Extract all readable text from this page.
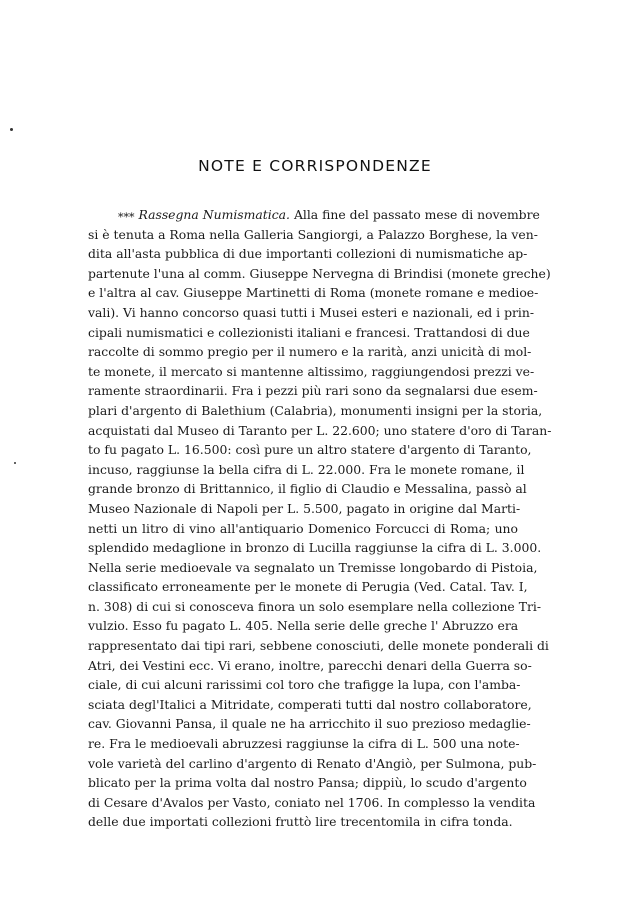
NOTE E CORRISPONDENZE
⁎⁎⁎ Rassegna Numismatica. Alla fine del passato mese di novembre
si è tenuta a Roma nella Galleria Sangiorgi, a Palazzo Borghese, la ven-
dita all'asta pubblica di due importanti collezioni di numismatiche ap-
partenute l'una al comm. Giuseppe Nervegna di Brindisi (monete greche)
e l'altra al cav. Giuseppe Martinetti di Roma (monete romane e medioe-
vali). Vi hanno concorso quasi tutti i Musei esteri e nazionali, ed i prin-
cipali numismatici e collezionisti italiani e francesi. Trattandosi di due
raccolte di sommo pregio per il numero e la rarità, anzi unicità di mol-
te monete, il mercato si mantenne altissimo, raggiungendosi prezzi ve-
ramente straordinarii. Fra i pezzi più rari sono da segnalarsi due esem-
plari d'argento di Balethium (Calabria), monumenti insigni per la storia,
acquistati dal Museo di Taranto per L. 22.600; uno statere d'oro di Taran-
to fu pagato L. 16.500: così pure un altro statere d'argento di Taranto,
incuso, raggiunse la bella cifra di L. 22.000. Fra le monete romane, il
grande bronzo di Brittannico, il figlio di Claudio e Messalina, passò al
Museo Nazionale di Napoli per L. 5.500, pagato in origine dal Marti-
netti un litro di vino all'antiquario Domenico Forcucci di Roma; uno
splendido medaglione in bronzo di Lucilla raggiunse la cifra di L. 3.000.
Nella serie medioevale va segnalato un Tremisse longobardo di Pistoia,
classificato erroneamente per le monete di Perugia (Ved. Catal. Tav. I,
n. 308) di cui si conosceva finora un solo esemplare nella collezione Tri-
vulzio. Esso fu pagato L. 405. Nella serie delle greche l' Abruzzo era
rappresentato dai tipi rari, sebbene conosciuti, delle monete ponderali di
Atri, dei Vestini ecc. Vi erano, inoltre, parecchi denari della Guerra so-
ciale, di cui alcuni rarissimi col toro che trafigge la lupa, con l'amba-
sciata degl'Italici a Mitridate, comperati tutti dal nostro collaboratore,
cav. Giovanni Pansa, il quale ne ha arricchito il suo prezioso medaglie-
re. Fra le medioevali abruzzesi raggiunse la cifra di L. 500 una note-
vole varietà del carlino d'argento di Renato d'Angiò, per Sulmona, pub-
blicato per la prima volta dal nostro Pansa; dippiù, lo scudo d'argento
di Cesare d'Avalos per Vasto, coniato nel 1706. In complesso la vendita
delle due importati collezioni fruttò lire trecentomila in cifra tonda.
